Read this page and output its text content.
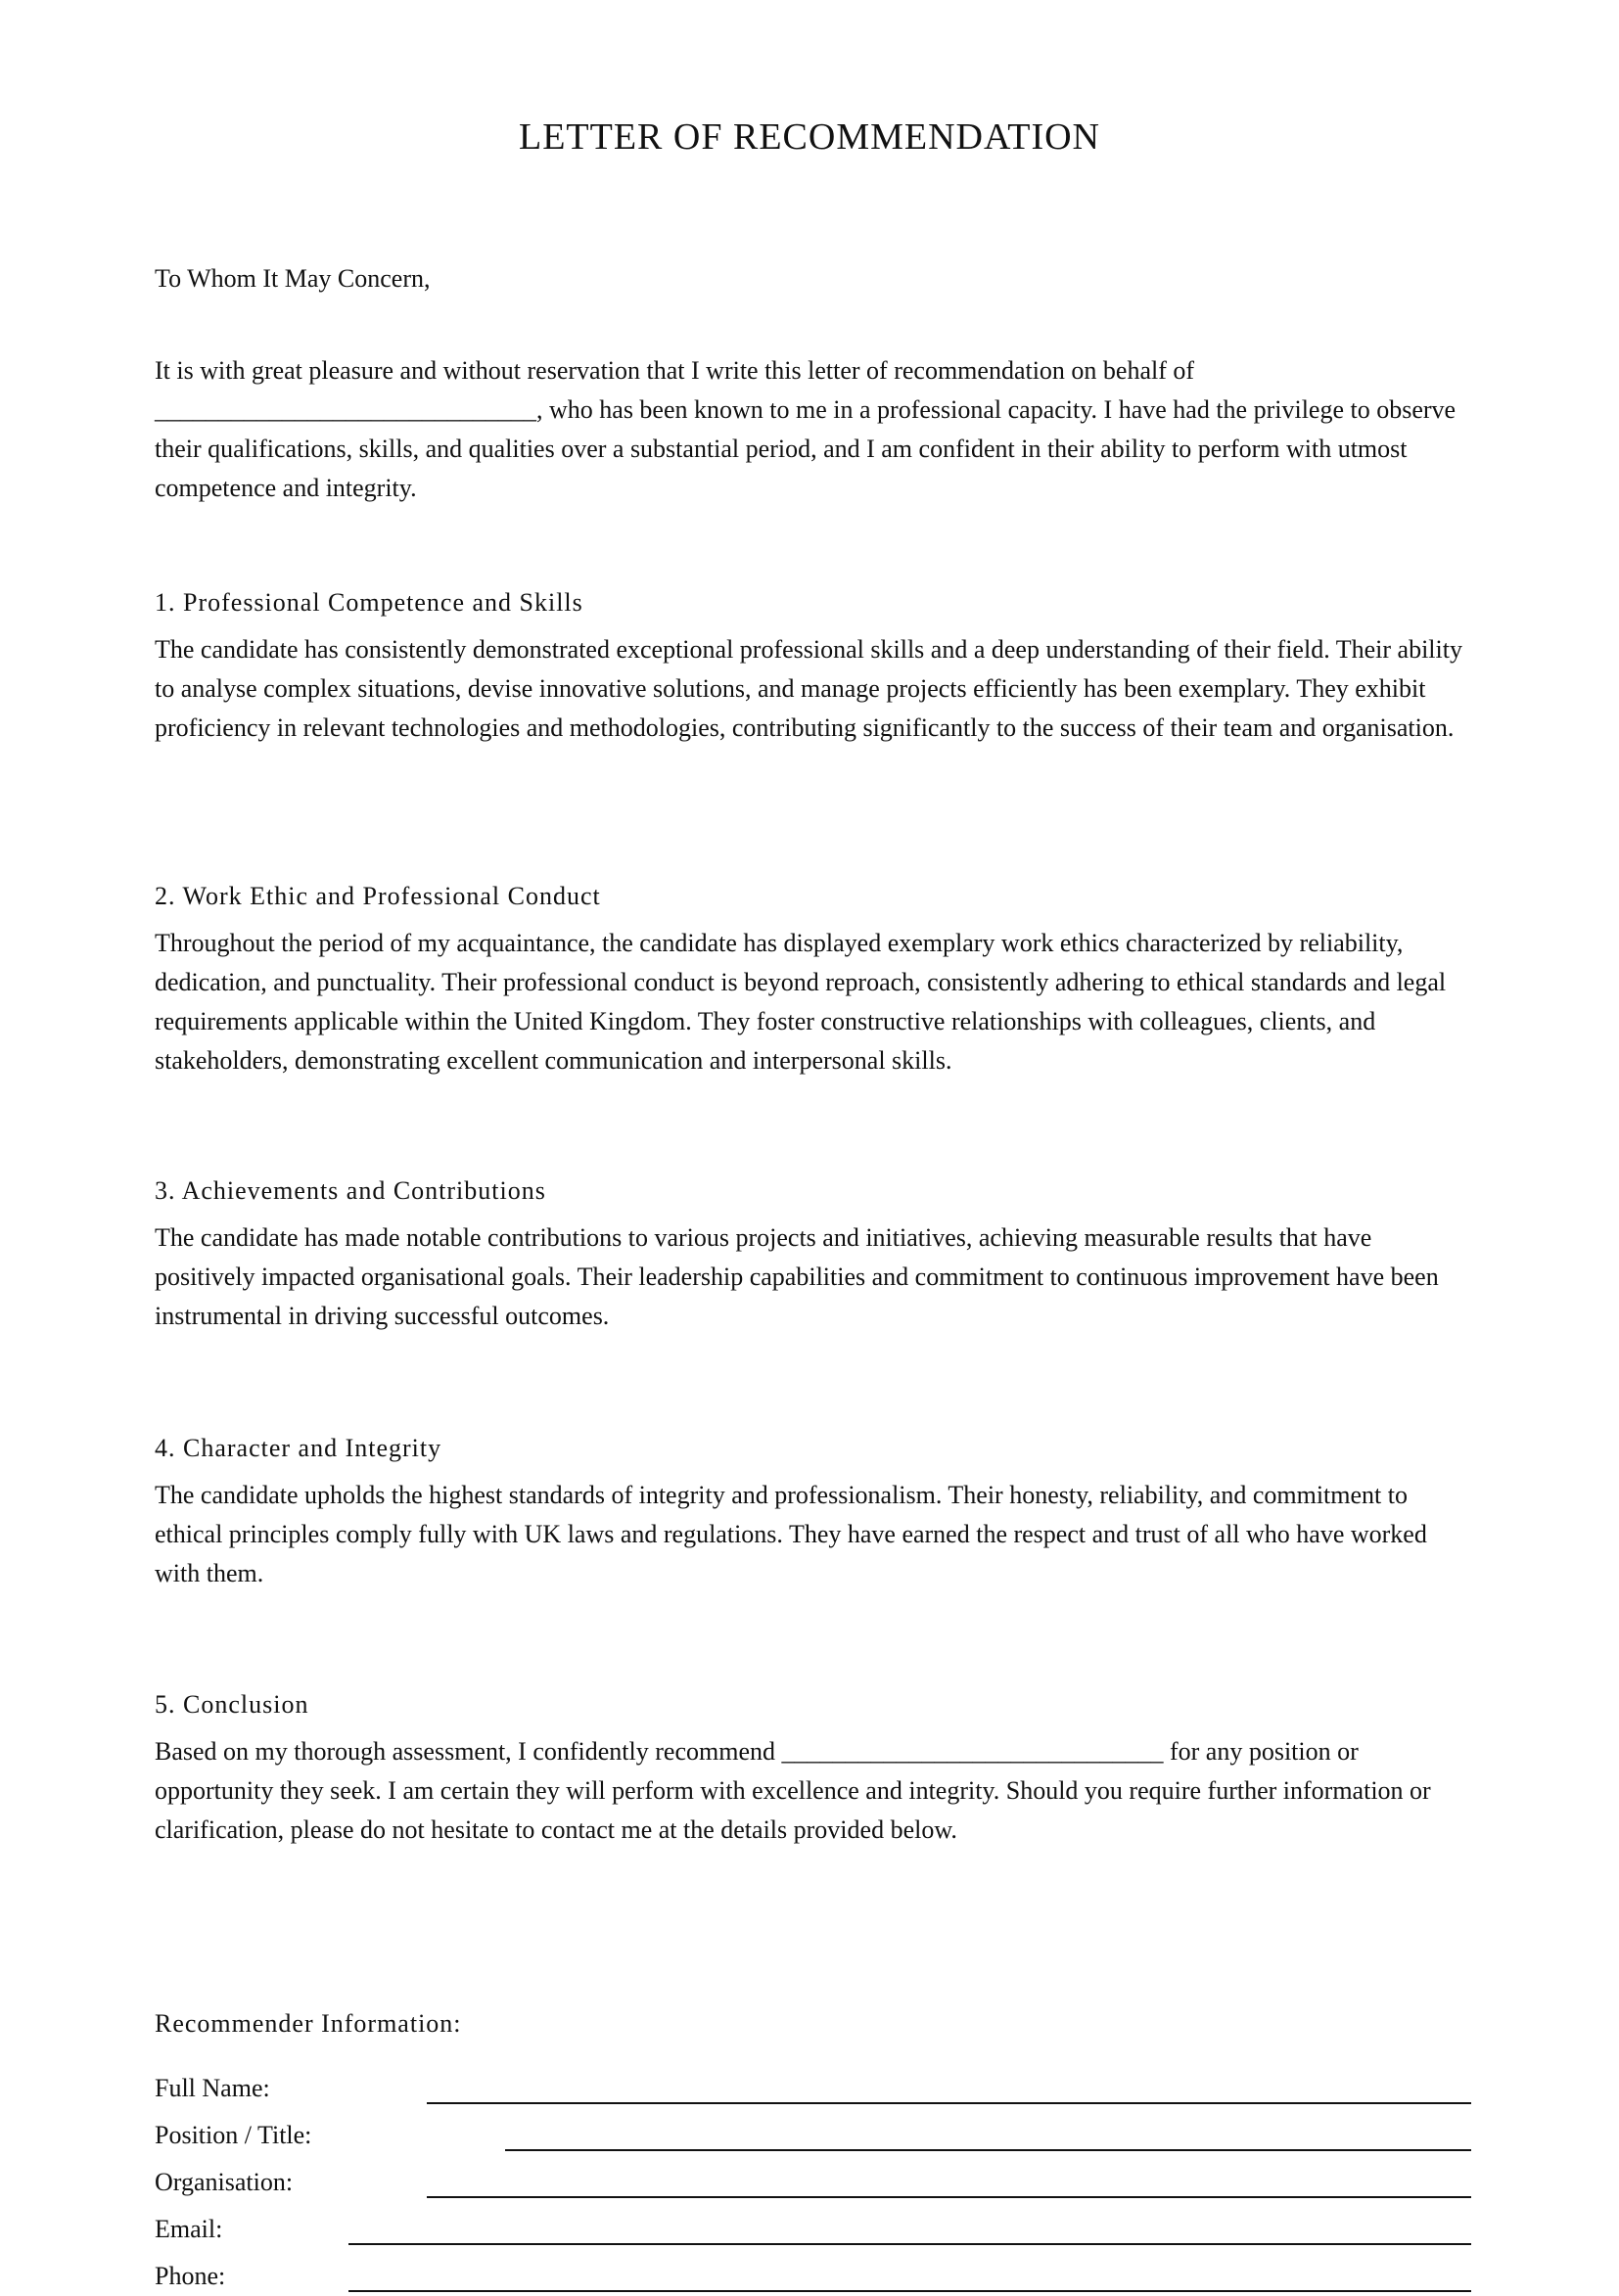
LETTER OF RECOMMENDATION

To Whom It May Concern,

It is with great pleasure and without reservation that I write this letter of recommendation on behalf of ______________________________, who has been known to me in a professional capacity. I have had the privilege to observe their qualifications, skills, and qualities over a substantial period, and I am confident in their ability to perform with utmost competence and integrity.

1. Professional Competence and Skills

The candidate has consistently demonstrated exceptional professional skills and a deep understanding of their field. Their ability to analyse complex situations, devise innovative solutions, and manage projects efficiently has been exemplary. They exhibit proficiency in relevant technologies and methodologies, contributing significantly to the success of their team and organisation.

2. Work Ethic and Professional Conduct

Throughout the period of my acquaintance, the candidate has displayed exemplary work ethics characterized by reliability, dedication, and punctuality. Their professional conduct is beyond reproach, consistently adhering to ethical standards and legal requirements applicable within the United Kingdom. They foster constructive relationships with colleagues, clients, and stakeholders, demonstrating excellent communication and interpersonal skills.

3. Achievements and Contributions

The candidate has made notable contributions to various projects and initiatives, achieving measurable results that have positively impacted organisational goals. Their leadership capabilities and commitment to continuous improvement have been instrumental in driving successful outcomes.

4. Character and Integrity

The candidate upholds the highest standards of integrity and professionalism. Their honesty, reliability, and commitment to ethical principles comply fully with UK laws and regulations. They have earned the respect and trust of all who have worked with them.

5. Conclusion

Based on my thorough assessment, I confidently recommend ______________________________ for any position or opportunity they seek. I am certain they will perform with excellence and integrity. Should you require further information or clarification, please do not hesitate to contact me at the details provided below.

Recommender Information:
Full Name:
Position / Title:
Organisation:
Email:
Phone:
